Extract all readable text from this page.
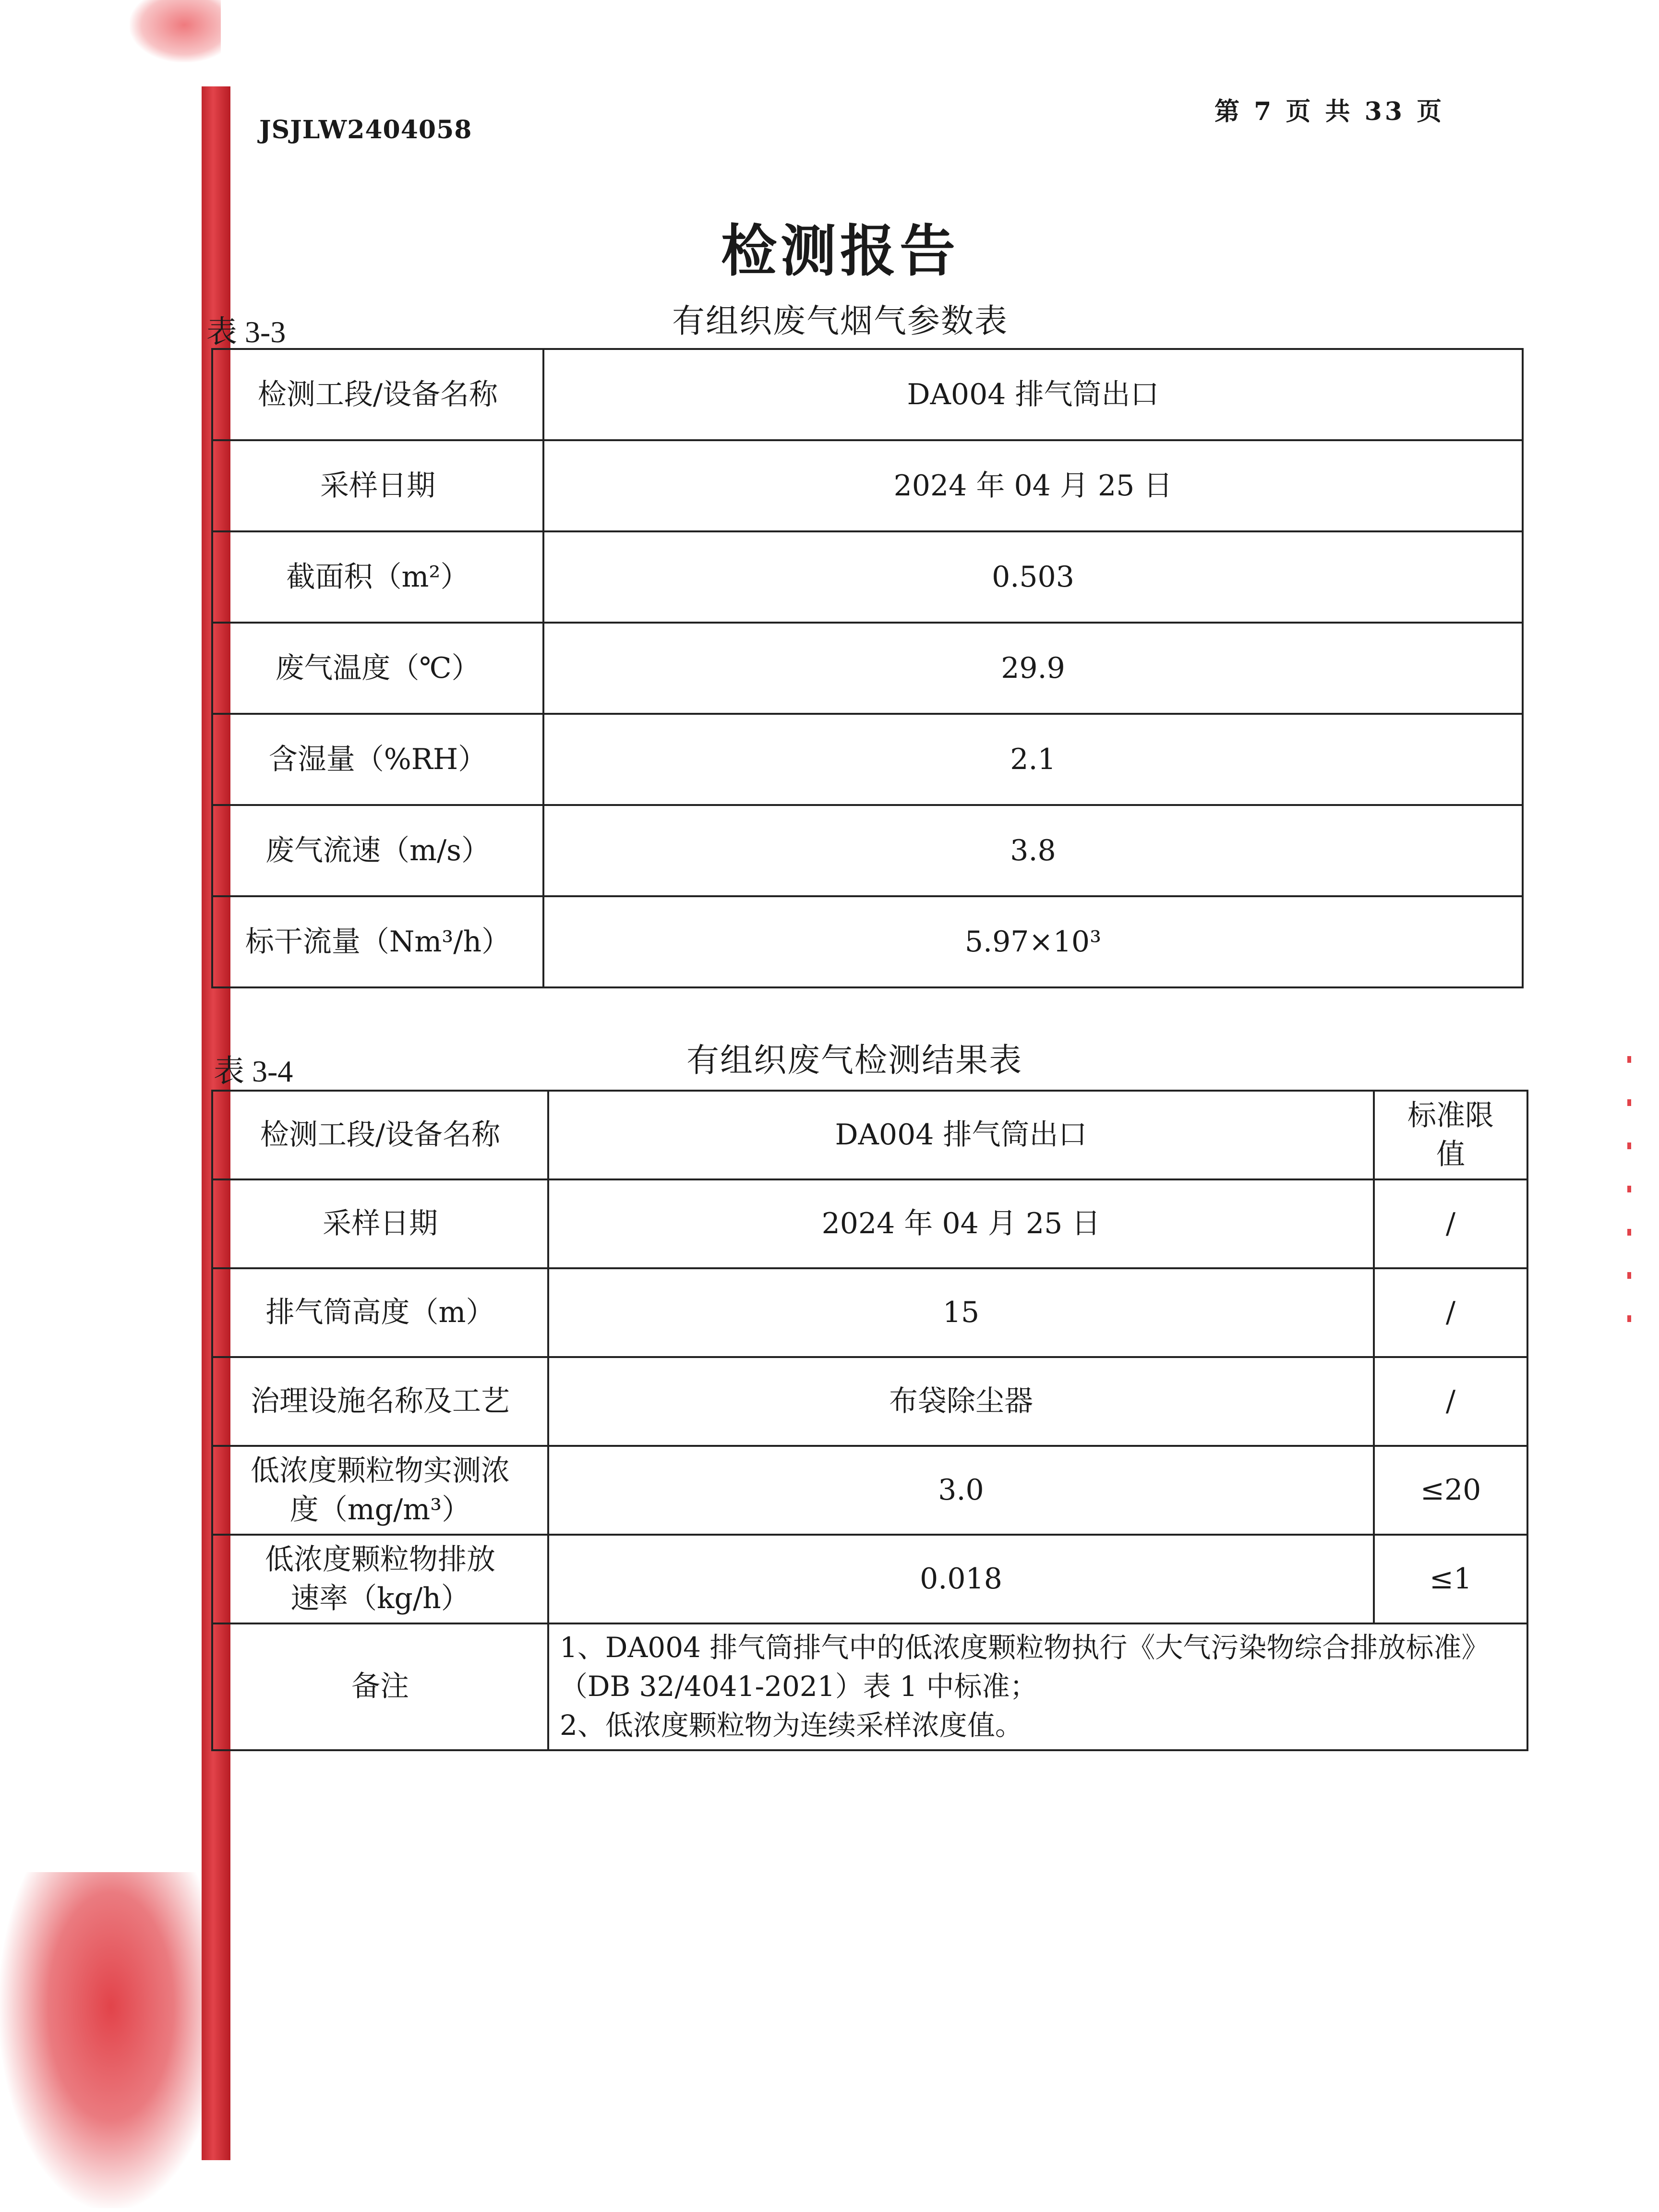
JSJLW2404058
第 7 页 共 33 页
检测报告
表 3-3	有组织废气烟气参数表
检测工段/设备名称	DA004 排气筒出口
采样日期	2024 年 04 月 25 日
截面积（m²）	0.503
废气温度（℃）	29.9
含湿量（%RH）	2.1
废气流速（m/s）	3.8
标干流量（Nm³/h）	5.97×10³
表 3-4	有组织废气检测结果表
检测工段/设备名称	DA004 排气筒出口	标准限值
采样日期	2024 年 04 月 25 日	/
排气筒高度（m）	15	/
治理设施名称及工艺	布袋除尘器	/
低浓度颗粒物实测浓度（mg/m³）	3.0	≤20
低浓度颗粒物排放速率（kg/h）	0.018	≤1
备注	1、DA004 排气筒排气中的低浓度颗粒物执行《大气污染物综合排放标准》（DB 32/4041-2021）表 1 中标准；
2、低浓度颗粒物为连续采样浓度值。	
